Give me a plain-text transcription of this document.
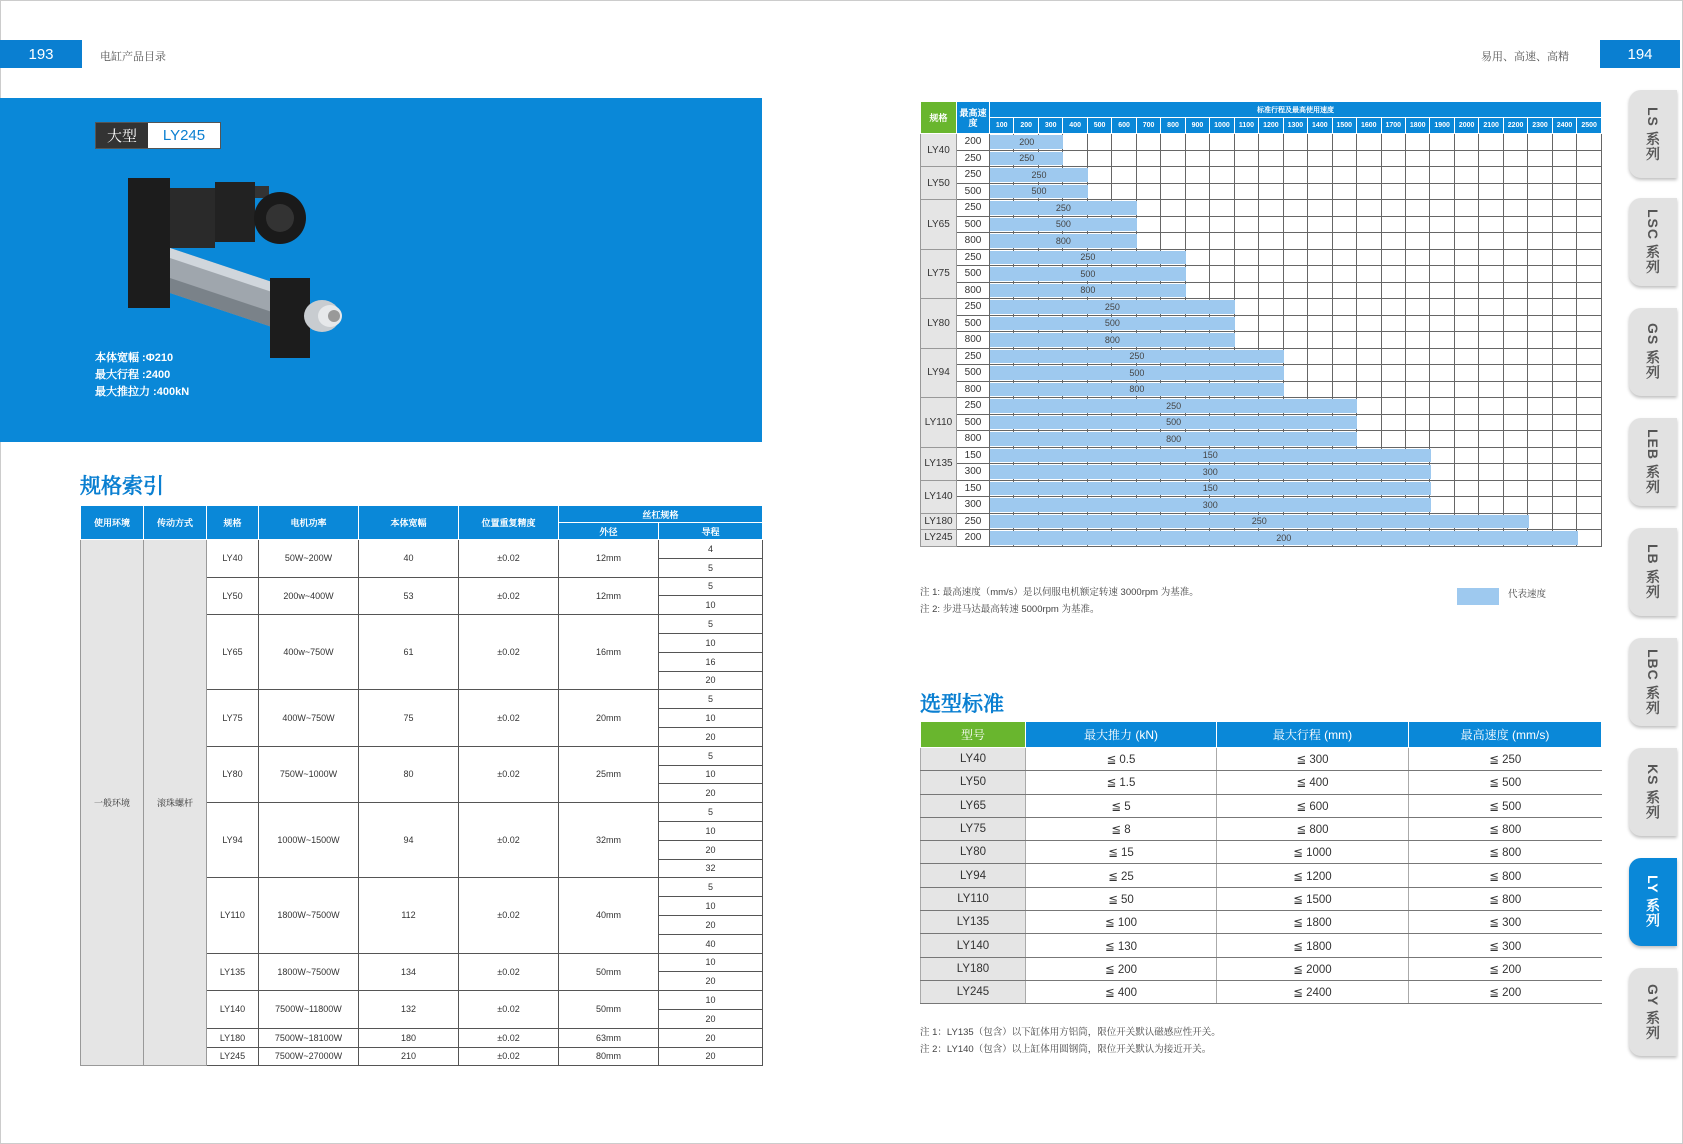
193	电缸产品目录	易用、高速、高精	194
大型	LY245
本体宽幅 :Φ210
最大行程 :2400
最大推拉力 :400kN
规格索引
使用环境	传动方式	规格	电机功率	本体宽幅	位置重复精度	丝杠规格	
						外径	导程
一般环境	滚珠螺杆	LY40	50W~200W	40	±0.02	12mm	4
							5
		LY50	200w~400W	53	±0.02	12mm	5
							10
		LY65	400w~750W	61	±0.02	16mm	5
							10
							16
							20
		LY75	400W~750W	75	±0.02	20mm	5
							10
							20
		LY80	750W~1000W	80	±0.02	25mm	5
							10
							20
		LY94	1000W~1500W	94	±0.02	32mm	5
							10
							20
							32
		LY110	1800W~7500W	112	±0.02	40mm	5
							10
							20
							40
		LY135	1800W~7500W	134	±0.02	50mm	10
							20
		LY140	7500W~11800W	132	±0.02	50mm	10
							20
		LY180	7500W~18100W	180	±0.02	63mm	20
		LY245	7500W~27000W	210	±0.02	80mm	20
规格	最高速度	标准行程及最高使用速度																								
		100	200	300	400	500	600	700	800	900	1000	1100	1200	1300	1400	1500	1600	1700	1800	1900	2000	2100	2200	2300	2400	2500
LY40	200	200																								

	250	250																								

LY50	250	250																								

	500	500																								

LY65	250	250																								

	500	500																								

	800	800																								

LY75	250	250																								

	500	500																								

	800	800																								

LY80	250	250																								

	500	500																								

	800	800																								

LY94	250	250																								

	500	500																								

	800	800																								

LY110	250	250																								

	500	500																								

	800	800																								

LY135	150	150																								

	300	300																								

LY140	150	150																								

	300	300																								

LY180	250	250																								

LY245	200	200																								

注 1: 最高速度（mm/s）是以伺服电机额定转速 3000rpm 为基准。
注 2: 步进马达最高转速 5000rpm 为基准。
代表速度
选型标准
型号	最大推力 (kN)	最大行程 (mm)	最高速度 (mm/s)
LY40	≦ 0.5	≦ 300	≦ 250
LY50	≦ 1.5	≦ 400	≦ 500
LY65	≦ 5	≦ 600	≦ 500
LY75	≦ 8	≦ 800	≦ 800
LY80	≦ 15	≦ 1000	≦ 800
LY94	≦ 25	≦ 1200	≦ 800
LY110	≦ 50	≦ 1500	≦ 800
LY135	≦ 100	≦ 1800	≦ 300
LY140	≦ 130	≦ 1800	≦ 300
LY180	≦ 200	≦ 2000	≦ 200
LY245	≦ 400	≦ 2400	≦ 200
注 1：LY135（包含）以下缸体用方铝筒，限位开关默认磁感应性开关。
注 2：LY140（包含）以上缸体用圆钢筒，限位开关默认为接近开关。
LS 系列
LSC 系列
GS 系列
LEB 系列
LB 系列
LBC 系列
KS 系列
LY 系列
GY 系列
